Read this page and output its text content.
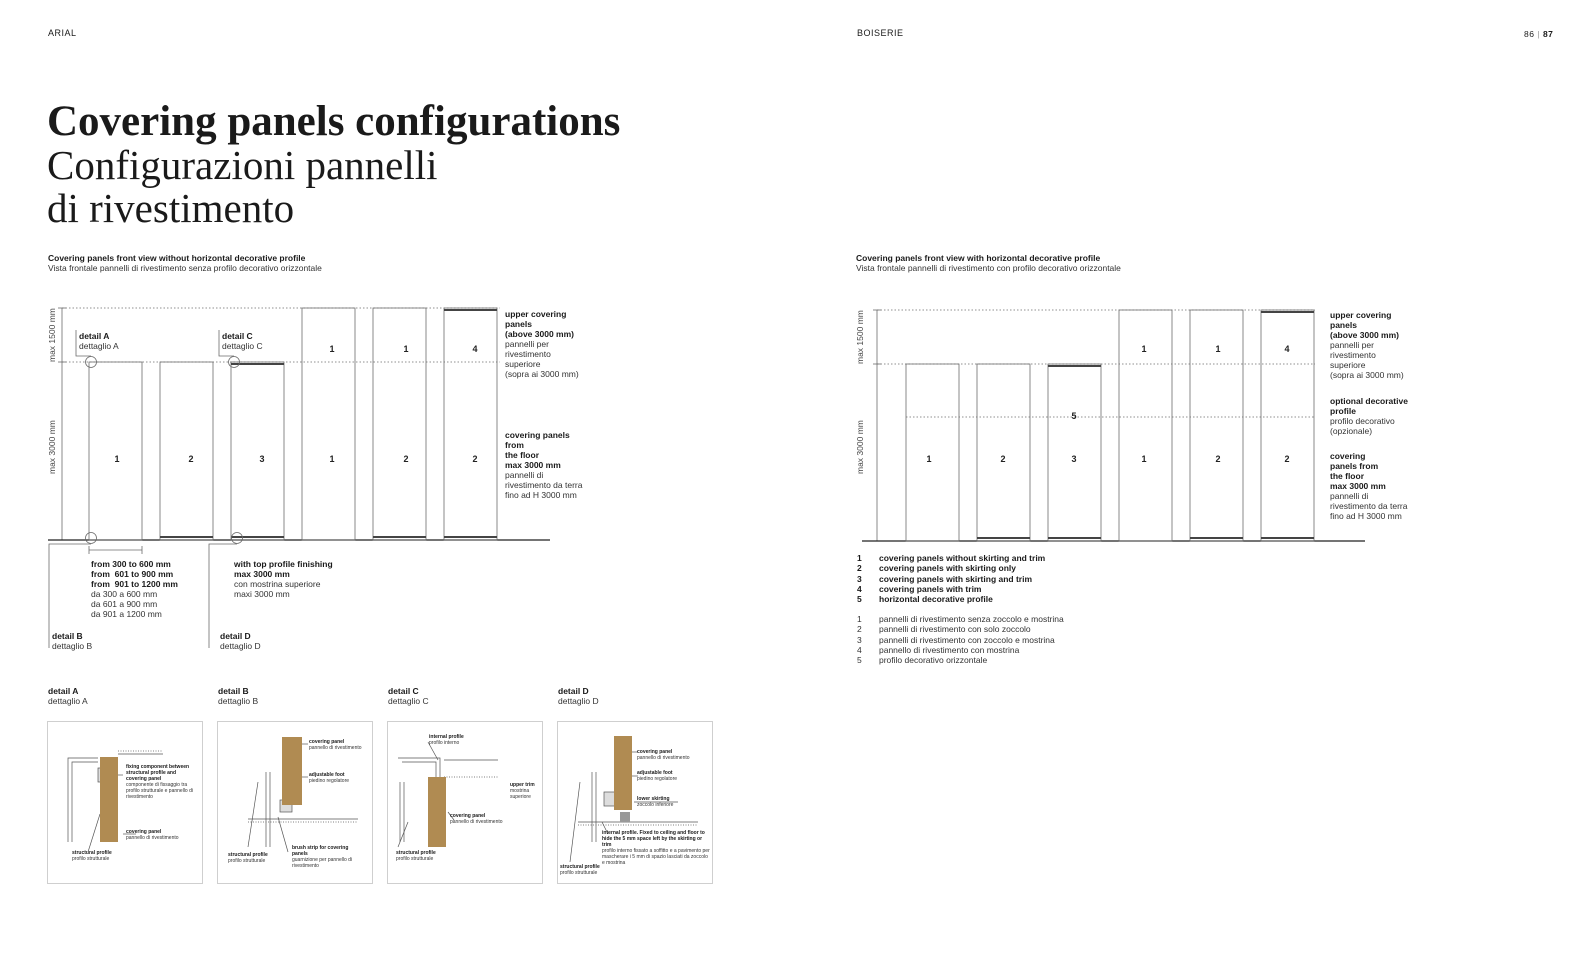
ARIAL	BOISERIE	86 | 87
Covering panels configurations
Configurazioni pannelli
di rivestimento
Covering panels front view without horizontal decorative profile
Vista frontale pannelli di rivestimento senza profilo decorativo orizzontale
Covering panels front view with horizontal decorative profile
Vista frontale pannelli di rivestimento con profilo decorativo orizzontale
1	2	3	1	2	2
1	1	4
max 1500 mm
max 3000 mm
detail A
dettaglio A
detail C
dettaglio C
upper covering
panels
(above 3000 mm)
pannelli per
rivestimento
superiore
(sopra ai 3000 mm)
covering panels
from
the floor
max 3000 mm
pannelli di
rivestimento da terra
fino ad H 3000 mm
from 300 to 600 mm
from  601 to 900 mm
from  901 to 1200 mm
da 300 a 600 mm
da 601 a 900 mm
da 901 a 1200 mm
with top profile finishing
max 3000 mm
con mostrina superiore
maxi 3000 mm
detail B
dettaglio B
detail D
dettaglio D
1	2	3	1	2	2
1	1	4
5
max 1500 mm
max 3000 mm
upper covering
panels
(above 3000 mm)
pannelli per
rivestimento
superiore
(sopra ai 3000 mm)
optional decorative
profile
profilo decorativo
(opzionale)
covering
panels from
the floor
max 3000 mm
pannelli di
rivestimento da terra
fino ad H 3000 mm
1 covering panels without skirting and trim
2 covering panels with skirting only
3 covering panels with skirting and trim
4 covering panels with trim
5 horizontal decorative profile
1 pannelli di rivestimento senza zoccolo e mostrina
2 pannelli di rivestimento con solo zoccolo
3 pannelli di rivestimento con zoccolo e mostrina
4 pannello di rivestimento con mostrina
5 profilo decorativo orizzontale
detail A
dettaglio A
detail B
dettaglio B
detail C
dettaglio C
detail D
dettaglio D
fixing component between structural profile and covering panel
componente di fissaggio tra profilo strutturale e pannello di rivestimento
covering panel
pannello di rivestimento
structural profile
profilo strutturale
covering panel
pannello di rivestimento
adjustable foot
piedino regolatore
structural profile
profilo strutturale
brush strip for covering panels
guarnizione per pannello di rivestimento
internal profile
profilo interno
upper trim
mostrina superiore
covering panel
pannello di rivestimento
structural profile
profilo strutturale
covering panel
pannello di rivestimento
adjustable foot
piedino regolatore
lower skirting
zoccolo inferiore
internal profile. Fixed to ceiling and floor to hide the 5 mm space left by the skirting or trim
profilo interno fissato a soffitto e a pavimento per mascherare i 5 mm di spazio lasciati da zoccolo e mostrina
structural profile
profilo strutturale
